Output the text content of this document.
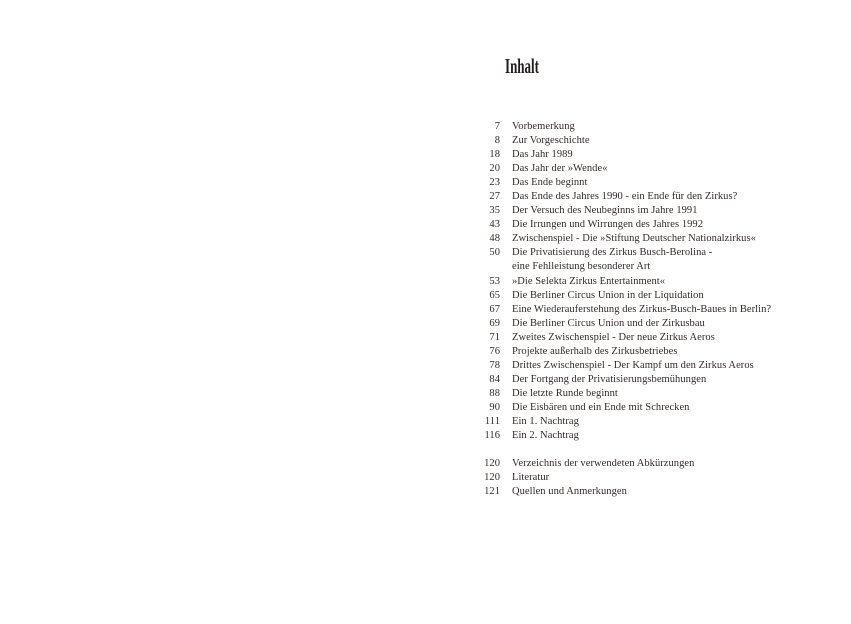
Inhalt
7 Vorbemerkung
8 Zur Vorgeschichte
18 Das Jahr 1989
20 Das Jahr der »Wende«
23 Das Ende beginnt
27 Das Ende des Jahres 1990 - ein Ende für den Zirkus?
35 Der Versuch des Neubeginns im Jahre 1991
43 Die Irrungen und Wirrungen des Jahres 1992
48 Zwischenspiel - Die »Stiftung Deutscher Nationalzirkus«
50 Die Privatisierung des Zirkus Busch-Berolina -
eine Fehlleistung besonderer Art
53 »Die Selekta Zirkus Entertainment«
65 Die Berliner Circus Union in der Liquidation
67 Eine Wiederauferstehung des Zirkus-Busch-Baues in Berlin?
69 Die Berliner Circus Union und der Zirkusbau
71 Zweites Zwischenspiel - Der neue Zirkus Aeros
76 Projekte außerhalb des Zirkusbetriebes
78 Drittes Zwischenspiel - Der Kampf um den Zirkus Aeros
84 Der Fortgang der Privatisierungsbemühungen
88 Die letzte Runde beginnt
90 Die Eisbären und ein Ende mit Schrecken
111 Ein 1. Nachtrag
116 Ein 2. Nachtrag
120 Verzeichnis der verwendeten Abkürzungen
120 Literatur
121 Quellen und Anmerkungen
